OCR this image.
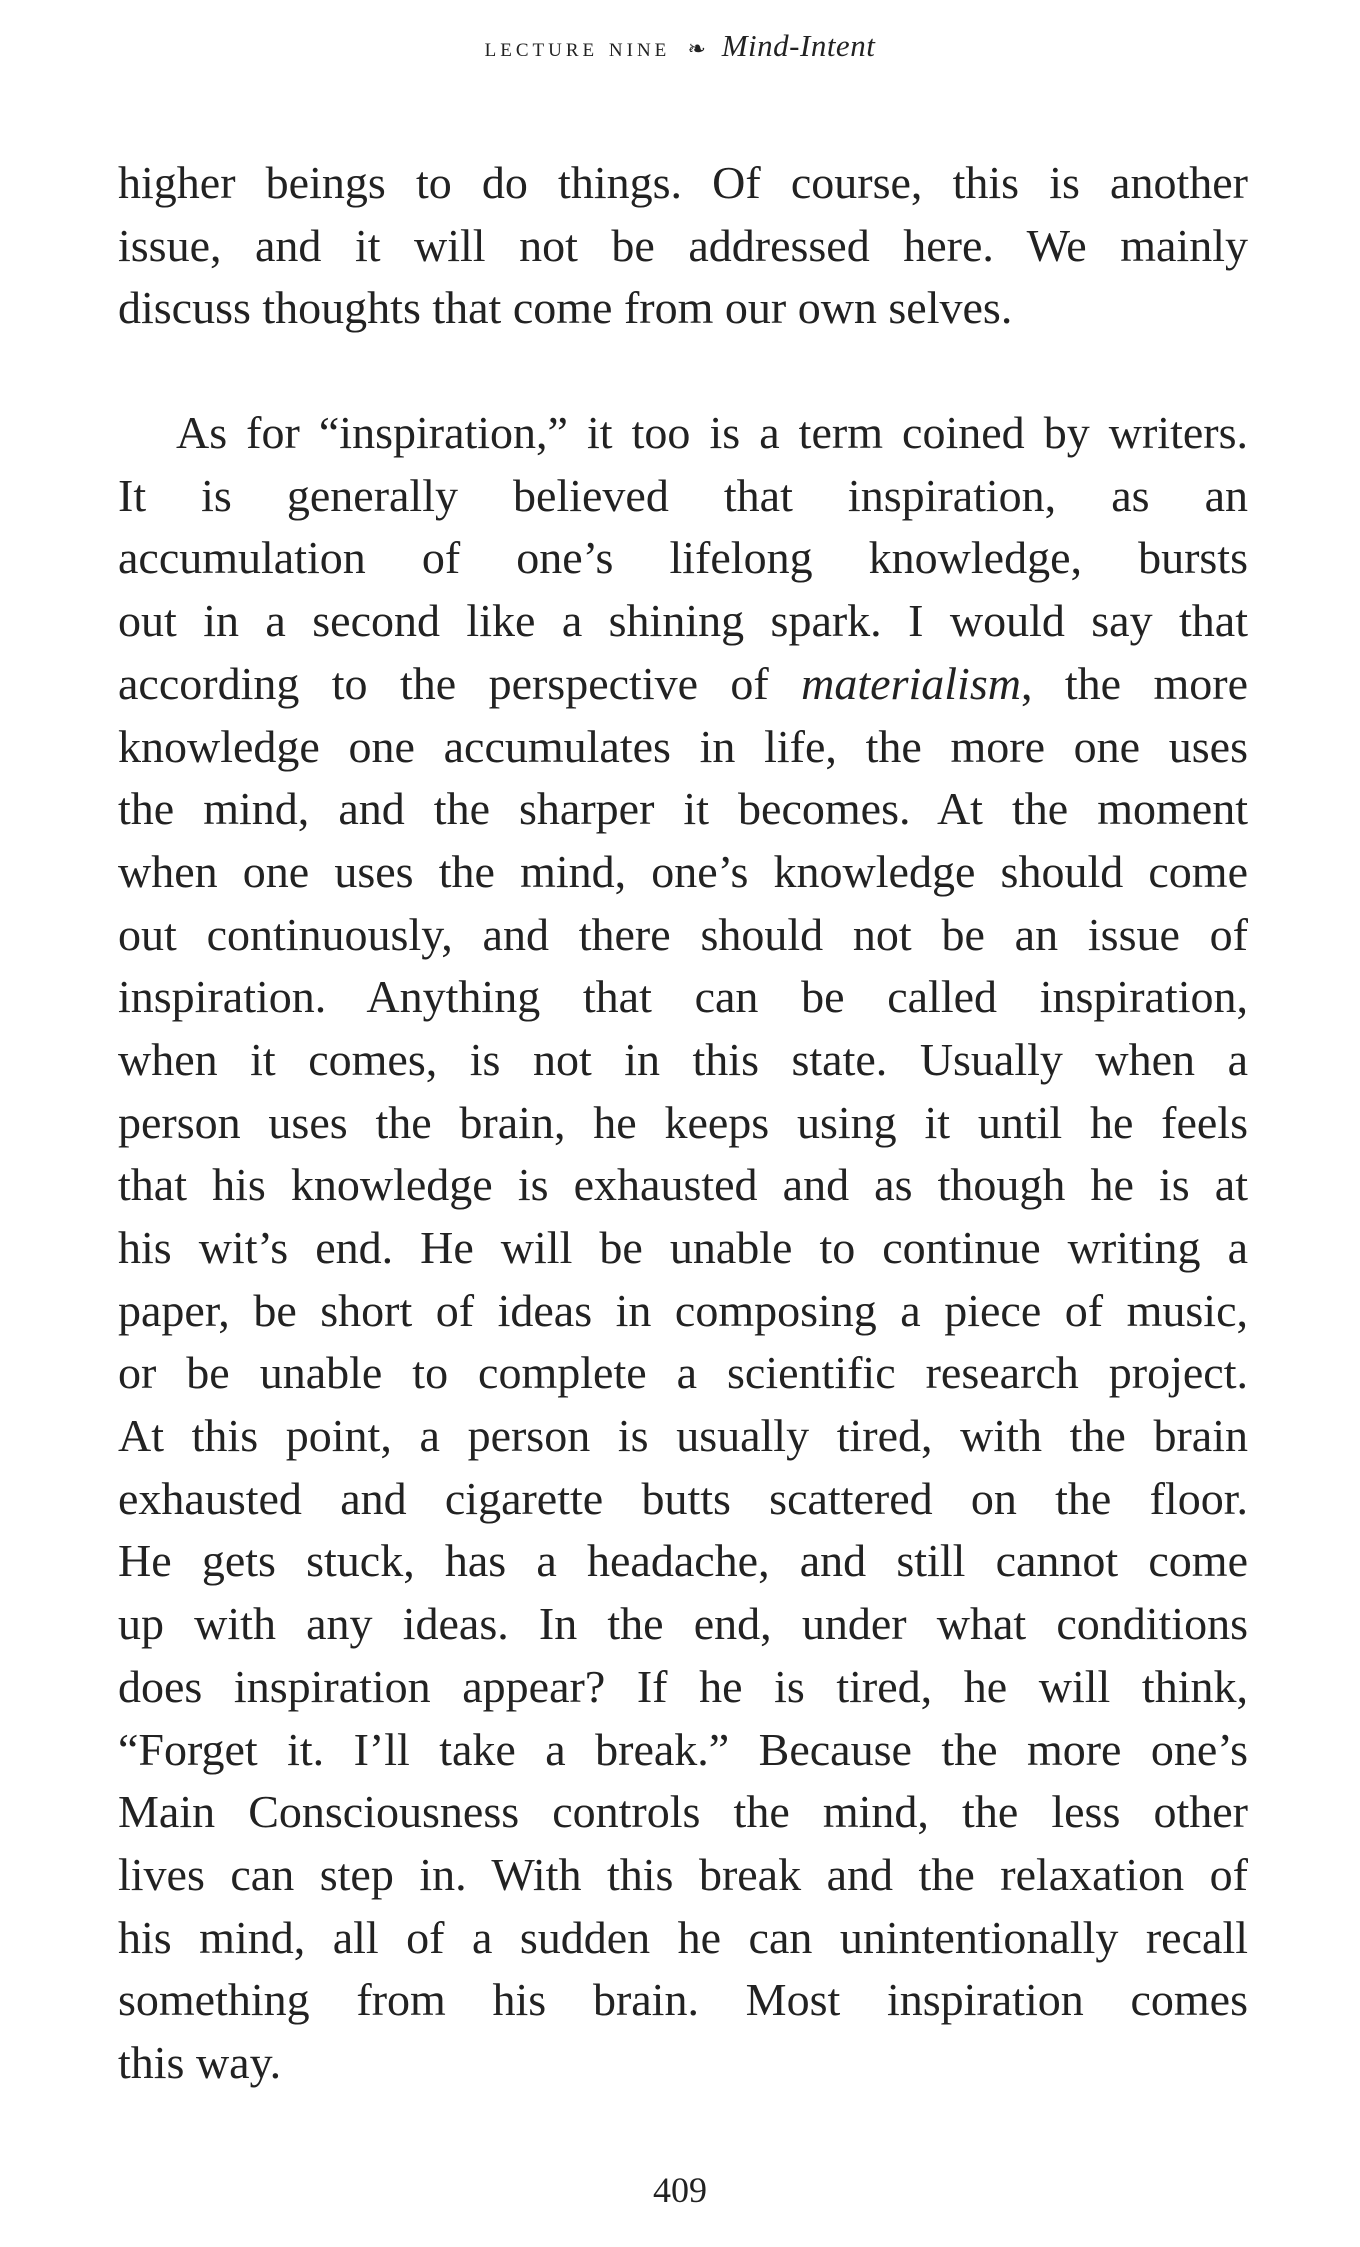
lecture nine ❧ Mind-Intent
higher beings to do things. Of course, this is another
issue, and it will not be addressed here. We mainly
discuss thoughts that come from our own selves.
As for “inspiration,” it too is a term coined by writers.
It is generally believed that inspiration, as an
accumulation of one’s lifelong knowledge, bursts
out in a second like a shining spark. I would say that
according to the perspective of materialism, the more
knowledge one accumulates in life, the more one uses
the mind, and the sharper it becomes. At the moment
when one uses the mind, one’s knowledge should come
out continuously, and there should not be an issue of
inspiration. Anything that can be called inspiration,
when it comes, is not in this state. Usually when a
person uses the brain, he keeps using it until he feels
that his knowledge is exhausted and as though he is at
his wit’s end. He will be unable to continue writing a
paper, be short of ideas in composing a piece of music,
or be unable to complete a scientific research project.
At this point, a person is usually tired, with the brain
exhausted and cigarette butts scattered on the floor.
He gets stuck, has a headache, and still cannot come
up with any ideas. In the end, under what conditions
does inspiration appear? If he is tired, he will think,
“Forget it. I’ll take a break.” Because the more one’s
Main Consciousness controls the mind, the less other
lives can step in. With this break and the relaxation of
his mind, all of a sudden he can unintentionally recall
something from his brain. Most inspiration comes
this way.
409
